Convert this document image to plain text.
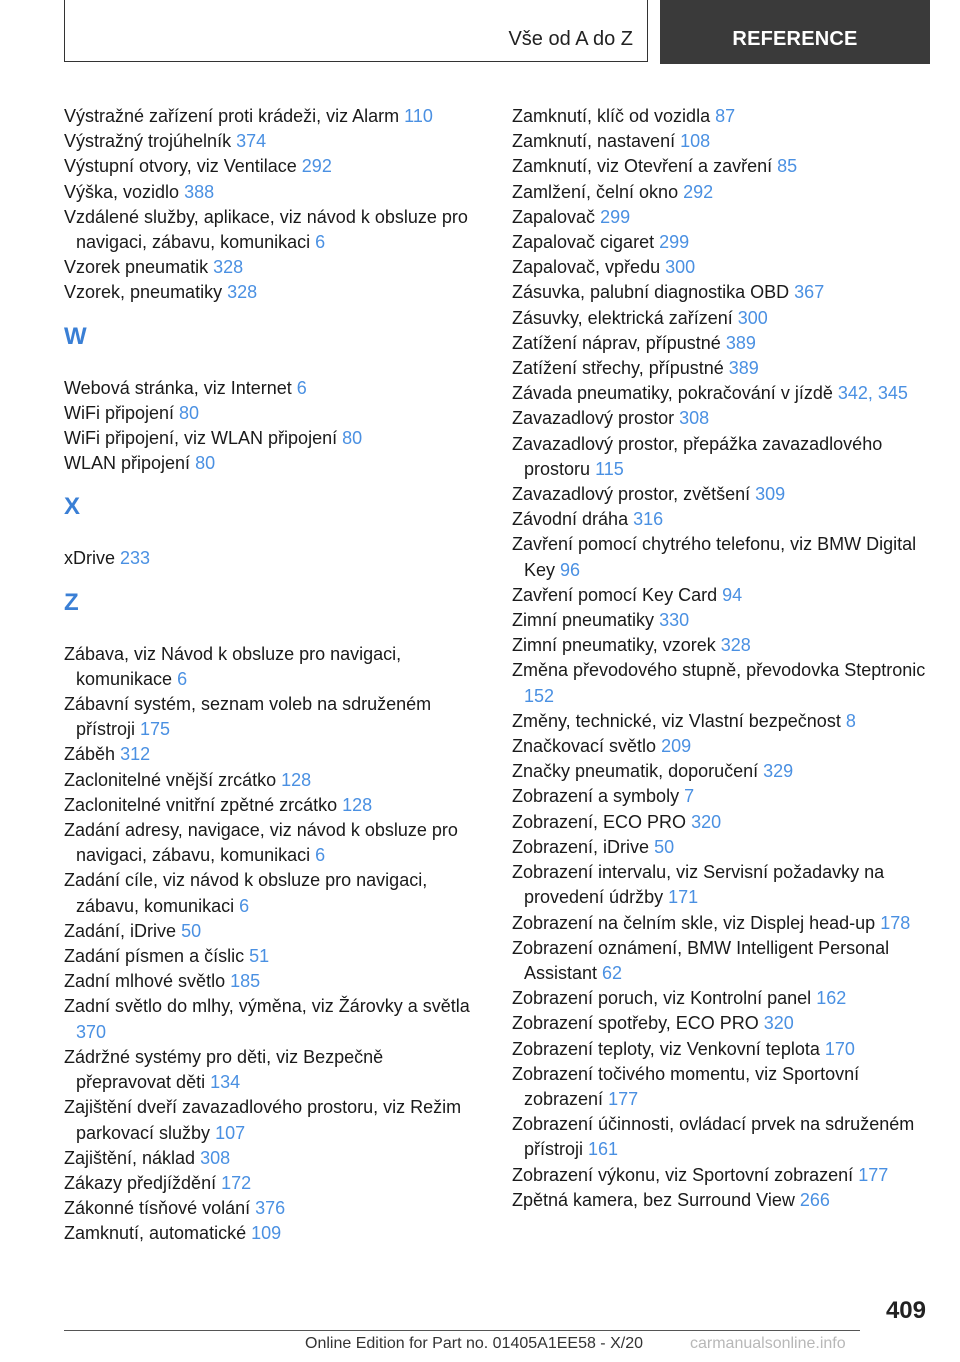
Vše od A do Z	REFERENCE
Výstražné zařízení proti krádeži, viz Alarm 110
Výstražný trojúhelník 374
Výstupní otvory, viz Ventilace 292
Výška, vozidlo 388
Vzdálené služby, aplikace, viz návod k obsluze pro navigaci, zábavu, komunikaci 6
Vzorek pneumatik 328
Vzorek, pneumatiky 328
W
Webová stránka, viz Internet 6
WiFi připojení 80
WiFi připojení, viz WLAN připojení 80
WLAN připojení 80
X
xDrive 233
Z
Zábava, viz Návod k obsluze pro navigaci, komunikace 6
Zábavní systém, seznam voleb na sdruženém přístroji 175
Záběh 312
Zaclonitelné vnější zrcátko 128
Zaclonitelné vnitřní zpětné zrcátko 128
Zadání adresy, navigace, viz návod k obsluze pro navigaci, zábavu, komunikaci 6
Zadání cíle, viz návod k obsluze pro navigaci, zábavu, komunikaci 6
Zadání, iDrive 50
Zadání písmen a číslic 51
Zadní mlhové světlo 185
Zadní světlo do mlhy, výměna, viz Žárovky a světla 370
Zádržné systémy pro děti, viz Bezpečně přepravovat děti 134
Zajištění dveří zavazadlového prostoru, viz Režim parkovací služby 107
Zajištění, náklad 308
Zákazy předjíždění 172
Zákonné tísňové volání 376
Zamknutí, automatické 109
Zamknutí, klíč od vozidla 87
Zamknutí, nastavení 108
Zamknutí, viz Otevření a zavření 85
Zamlžení, čelní okno 292
Zapalovač 299
Zapalovač cigaret 299
Zapalovač, vpředu 300
Zásuvka, palubní diagnostika OBD 367
Zásuvky, elektrická zařízení 300
Zatížení náprav, přípustné 389
Zatížení střechy, přípustné 389
Závada pneumatiky, pokračování v jízdě 342, 345
Zavazadlový prostor 308
Zavazadlový prostor, přepážka zavazadlového prostoru 115
Zavazadlový prostor, zvětšení 309
Závodní dráha 316
Zavření pomocí chytrého telefonu, viz BMW Digital Key 96
Zavření pomocí Key Card 94
Zimní pneumatiky 330
Zimní pneumatiky, vzorek 328
Změna převodového stupně, převodovka Steptronic 152
Změny, technické, viz Vlastní bezpečnost 8
Značkovací světlo 209
Značky pneumatik, doporučení 329
Zobrazení a symboly 7
Zobrazení, ECO PRO 320
Zobrazení, iDrive 50
Zobrazení intervalu, viz Servisní požadavky na provedení údržby 171
Zobrazení na čelním skle, viz Displej head-up 178
Zobrazení oznámení, BMW Intelligent Personal Assistant 62
Zobrazení poruch, viz Kontrolní panel 162
Zobrazení spotřeby, ECO PRO 320
Zobrazení teploty, viz Venkovní teplota 170
Zobrazení točivého momentu, viz Sportovní zobrazení 177
Zobrazení účinnosti, ovládací prvek na sdruženém přístroji 161
Zobrazení výkonu, viz Sportovní zobrazení 177
Zpětná kamera, bez Surround View 266
409
Online Edition for Part no. 01405A1EE58 - X/20	carmanualsonline.info
